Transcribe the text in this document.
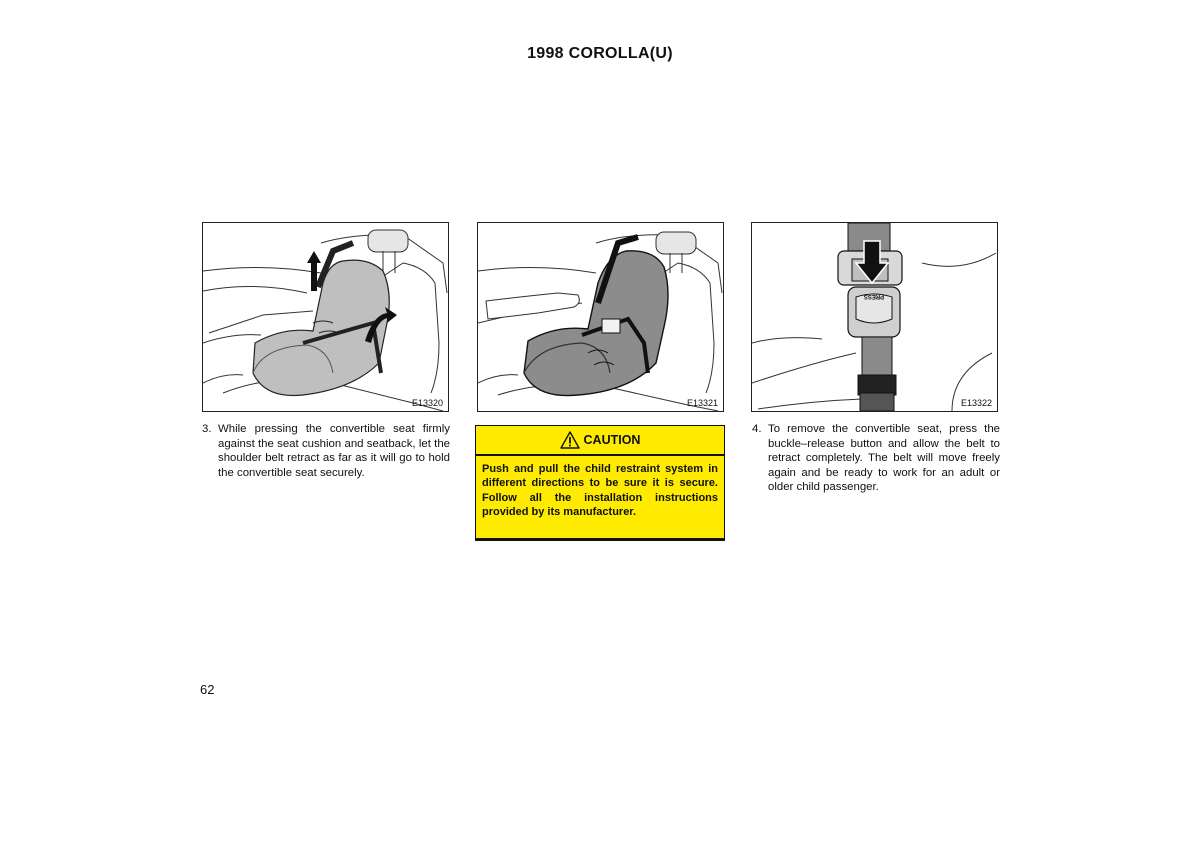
1998 COROLLA(U)
E13320	E13321
PRESS
E13322
3. While pressing the convertible seat firmly against the seat cushion and seatback, let the shoulder belt retract as far as it will go to hold the convertible seat securely.
CAUTION
Push and pull the child restraint system in different directions to be sure it is secure. Follow all the installation instructions provided by its manufacturer.
4. To remove the convertible seat, press the buckle–release button and allow the belt to retract completely. The belt will move freely again and be ready to work for an adult or older child passenger.
62
